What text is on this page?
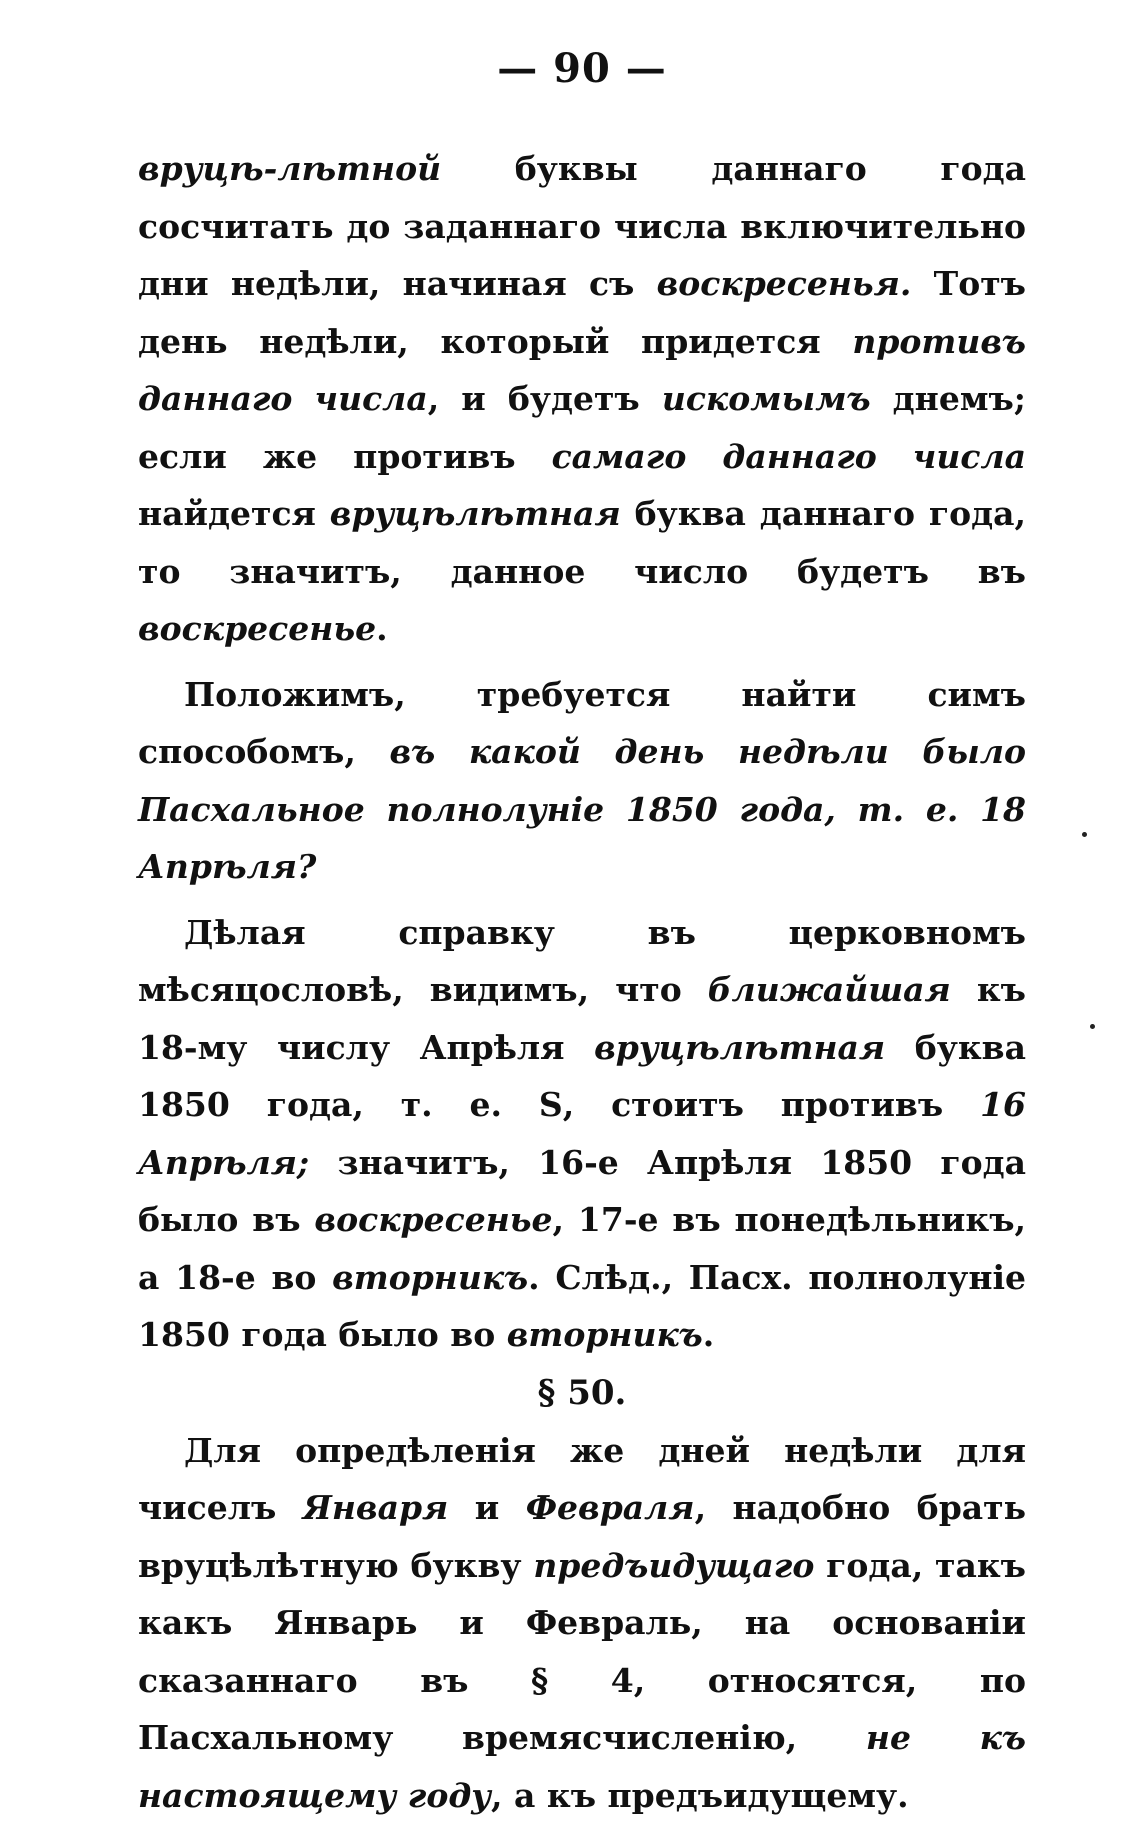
— 90 —

вруцѣ-лѣтной буквы даннаго года сосчитать до заданнаго числа включительно дни недѣли, начиная съ воскресенья. Тотъ день недѣли, который придется противъ даннаго числа, и будетъ искомымъ днемъ; если же противъ самаго даннаго числа найдется вруцѣлѣтная буква даннаго года, то значитъ, данное число будетъ въ воскресенье.

Положимъ, требуется найти симъ способомъ, въ какой день недѣли было Пасхальное полнолуніе 1850 года, т. е. 18 Апрѣля?

Дѣлая справку въ церковномъ мѣсяцословѣ, видимъ, что ближайшая къ 18-му числу Апрѣля вруцѣлѣтная буква 1850 года, т. е. Ѕ, стоитъ противъ 16 Апрѣля; значитъ, 16-е Апрѣля 1850 года было въ воскресенье, 17-е въ понедѣльникъ, а 18-е во вторникъ. Слѣд., Пасх. полнолуніе 1850 года было во вторникъ.

§ 50.

Для опредѣленія же дней недѣли для чиселъ Января и Февраля, надобно брать вруцѣлѣтную букву предъидущаго года, такъ какъ Январь и Февраль, на основаніи сказаннаго въ § 4, относятся, по Пасхальному времясчисленію, не къ настоящему году, а къ предъидущему.
